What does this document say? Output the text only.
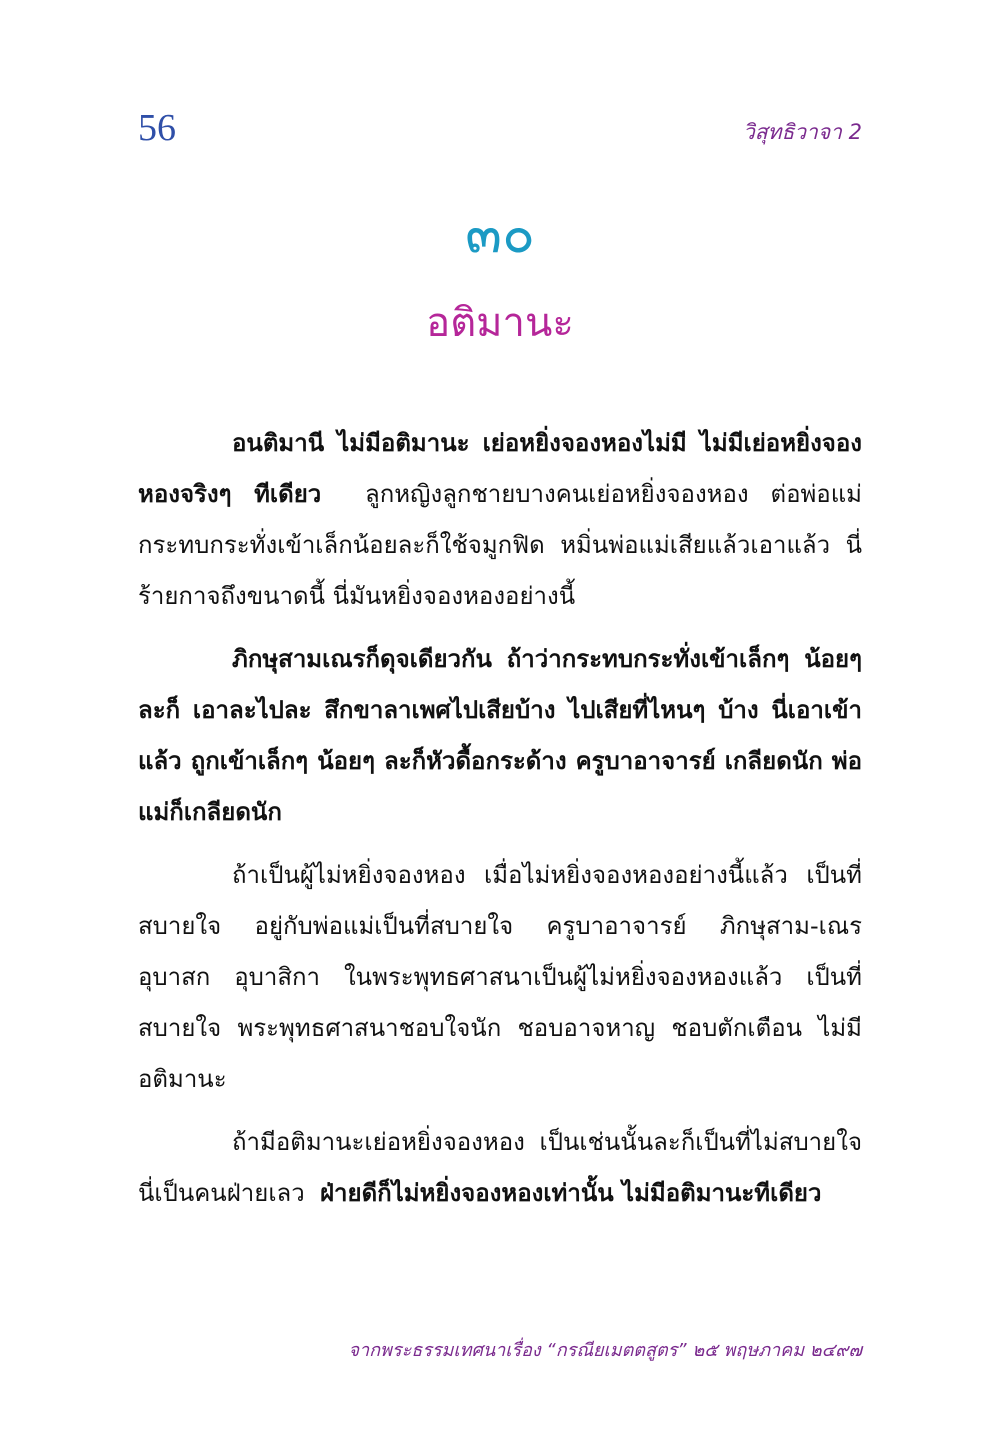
56	วิสุทธิวาจา 2
๓๐
อติมานะ

อนติมานี ไม่มีอติมานะ เย่อหยิ่งจองหองไม่มี ไม่มีเย่อหยิ่งจองหองจริงๆ ทีเดียว ลูกหญิงลูกชายบางคนเย่อหยิ่งจองหอง ต่อพ่อแม่ กระทบกระทั่งเข้าเล็กน้อยละก็ใช้จมูกฟิด หมิ่นพ่อแม่เสียแล้วเอาแล้ว นี่ร้ายกาจถึงขนาดนี้ นี่มันหยิ่งจองหองอย่างนี้

ภิกษุสามเณรก็ดุจเดียวกัน ถ้าว่ากระทบกระทั่งเข้าเล็กๆ น้อยๆ ละก็ เอาละไปละ สึกขาลาเพศไปเสียบ้าง ไปเสียที่ไหนๆ บ้าง นี่เอาเข้าแล้ว ถูกเข้าเล็กๆ น้อยๆ ละก็หัวดื้อกระด้าง ครูบาอาจารย์ เกลียดนัก พ่อแม่ก็เกลียดนัก

ถ้าเป็นผู้ไม่หยิ่งจองหอง เมื่อไม่หยิ่งจองหองอย่างนี้แล้ว เป็นที่สบายใจ อยู่กับพ่อแม่เป็นที่สบายใจ ครูบาอาจารย์ ภิกษุสาม-เณร อุบาสก อุบาสิกา ในพระพุทธศาสนาเป็นผู้ไม่หยิ่งจองหองแล้ว เป็นที่สบายใจ พระพุทธศาสนาชอบใจนัก ชอบอาจหาญ ชอบตักเตือน ไม่มีอติมานะ

ถ้ามีอติมานะเย่อหยิ่งจองหอง เป็นเช่นนั้นละก็เป็นที่ไม่สบายใจ นี่เป็นคนฝ่ายเลว ฝ่ายดีก็ไม่หยิ่งจองหองเท่านั้น ไม่มีอติมานะทีเดียว

จากพระธรรมเทศนาเรื่อง “กรณียเมตตสูตร” ๒๕ พฤษภาคม ๒๔๙๗
